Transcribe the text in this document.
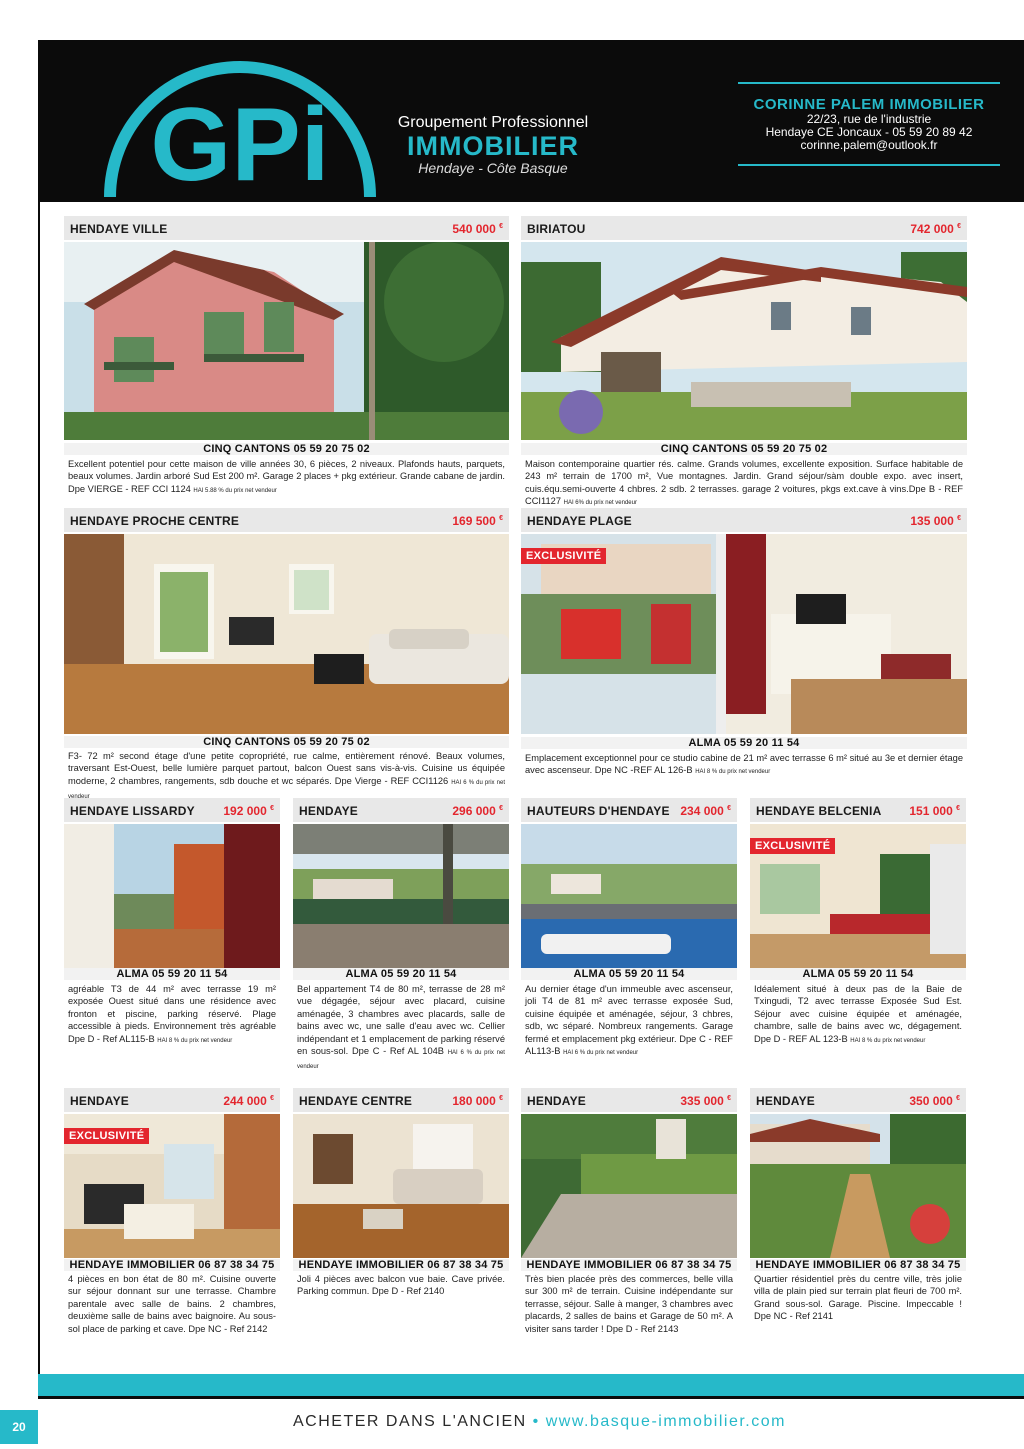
GPi	Groupement Professionnel
IMMOBILIER
Hendaye - Côte Basque
CORINNE PALEM IMMOBILIER
22/23, rue de l'industrie
Hendaye CE Joncaux - 05 59 20 89 42
corinne.palem@outlook.fr
HENDAYE VILLE	540 000 €
CINQ CANTONS 05 59 20 75 02
Excellent potentiel pour cette maison de ville années 30, 6 pièces, 2 niveaux. Plafonds hauts, parquets, beaux volumes. Jardin arboré Sud Est 200 m². Garage 2 places + pkg extérieur. Grande cabane de jardin. Dpe VIERGE - REF CCI 1124 HAI 5.88 % du prix net vendeur
BIRIATOU	742 000 €
CINQ CANTONS 05 59 20 75 02
Maison contemporaine quartier rés. calme. Grands volumes, excellente exposition. Surface habitable de 243 m² terrain de 1700 m², Vue montagnes. Jardin. Grand séjour/sàm double expo. avec insert, cuis.équ.semi-ouverte 4 chbres. 2 sdb. 2 terrasses. garage 2 voitures, pkgs ext.cave à vins.Dpe B - REF CCI1127 HAI 6% du prix net vendeur
HENDAYE PROCHE CENTRE	169 500 €
CINQ CANTONS 05 59 20 75 02
F3- 72 m² second étage d'une petite copropriété, rue calme, entièrement rénové. Beaux volumes, traversant Est-Ouest, belle lumière parquet partout, balcon Ouest sans vis-à-vis. Cuisine us équipée moderne, 2 chambres, rangements, sdb douche et wc séparés. Dpe Vierge - REF CCI1126 HAI 6 % du prix net
HENDAYE PLAGE	135 000 €
EXCLUSIVITÉ
ALMA 05 59 20 11 54
Emplacement exceptionnel pour ce studio cabine de 21 m² avec terrasse 6 m² situé au 3e et dernier étage avec ascenseur. Dpe NC -REF AL 126-B HAI 8 % du prix net vendeur
HENDAYE LISSARDY 192 000 €
ALMA 05 59 20 11 54
agréable T3 de 44 m² avec terrasse 19 m² exposée Ouest situé dans une résidence avec fronton et piscine, parking réservé. Plage accessible à pieds. Environnement très agréable Dpe D - Ref AL115-B HAI 8 % du prix net vendeur
HENDAYE	296 000 €
ALMA 05 59 20 11 54
Bel appartement T4 de 80 m², terrasse de 28 m² vue dégagée, séjour avec placard, cuisine aménagée, 3 chambres avec placards, salle de bains avec wc, une salle d'eau avec wc. Cellier indépendant et 1 emplacement de parking réservé en sous-sol. Dpe C - Ref AL 104B HAI 6 % du prix net vendeur
HAUTEURS D'HENDAYE 234 000 €
ALMA 05 59 20 11 54
Au dernier étage d'un immeuble avec ascenseur, joli T4 de 81 m² avec terrasse exposée Sud, cuisine équipée et aménagée, séjour, 3 chbres, sdb, wc séparé. Nombreux rangements. Garage fermé et emplacement pkg extérieur. Dpe C - REF AL113-B HAI 6 % du prix net vendeur
HENDAYE BELCENIA 151 000 €
EXCLUSIVITÉ
ALMA 05 59 20 11 54
Idéalement situé à deux pas de la Baie de Txingudi, T2 avec terrasse Exposée Sud Est. Séjour avec cuisine équipée et aménagée, chambre, salle de bains avec wc, dégagement. Dpe D - REF AL 123-B HAI 8 % du prix net vendeur
HENDAYE	244 000 €
EXCLUSIVITÉ
HENDAYE IMMOBILIER 06 87 38 34 75
4 pièces en bon état de 80 m². Cuisine ouverte sur séjour donnant sur une terrasse. Chambre parentale avec salle de bains. 2 chambres, deuxième salle de bains avec baignoire. Au sous-sol place de parking et cave. Dpe NC - Ref 2142
HENDAYE CENTRE	180 000 €
HENDAYE IMMOBILIER 06 87 38 34 75
Joli 4 pièces avec balcon vue baie. Cave privée. Parking commun. Dpe D - Ref 2140
HENDAYE	335 000 €
HENDAYE IMMOBILIER 06 87 38 34 75
Très bien placée près des commerces, belle villa sur 300 m² de terrain. Cuisine indépendante sur terrasse, séjour. Salle à manger, 3 chambres avec placards, 2 salles de bains et Garage de 50 m². A visiter sans tarder ! Dpe D - Ref 2143
HENDAYE	350 000 €
HENDAYE IMMOBILIER 06 87 38 34 75
Quartier résidentiel près du centre ville, très jolie villa de plain pied sur terrain plat fleuri de 700 m². Grand sous-sol. Garage. Piscine. Impeccable ! Dpe NC - Ref 2141
20	ACHETER DANS L'ANCIEN • www.basque-immobilier.com
